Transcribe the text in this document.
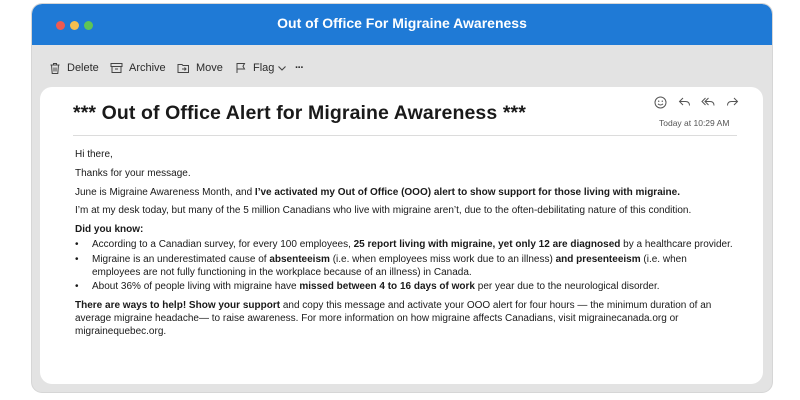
Out of Office For Migraine Awareness
Delete	Archive	Move	Flag ···
*** Out of Office Alert for Migraine Awareness ***	Today at 10:29 AM

Hi there,

Thanks for your message.

June is Migraine Awareness Month, and I’ve activated my Out of Office (OOO) alert to show support for those living with migraine.

I’m at my desk today, but many of the 5 million Canadians who live with migraine aren’t, due to the often-debilitating nature of this condition.

Did you know:

• According to a Canadian survey, for every 100 employees, 25 report living with migraine, yet only 12 are diagnosed by a healthcare provider.
• Migraine is an underestimated cause of absenteeism (i.e. when employees miss work due to an illness) and presenteeism (i.e. when employees are not fully functioning in the workplace because of an illness) in Canada.
• About 36% of people living with migraine have missed between 4 to 16 days of work per year due to the neurological disorder.

There are ways to help! Show your support and copy this message and activate your OOO alert for four hours — the minimum duration of an average migraine headache— to raise awareness. For more information on how migraine affects Canadians, visit migrainecanada.org or migrainequebec.org.
